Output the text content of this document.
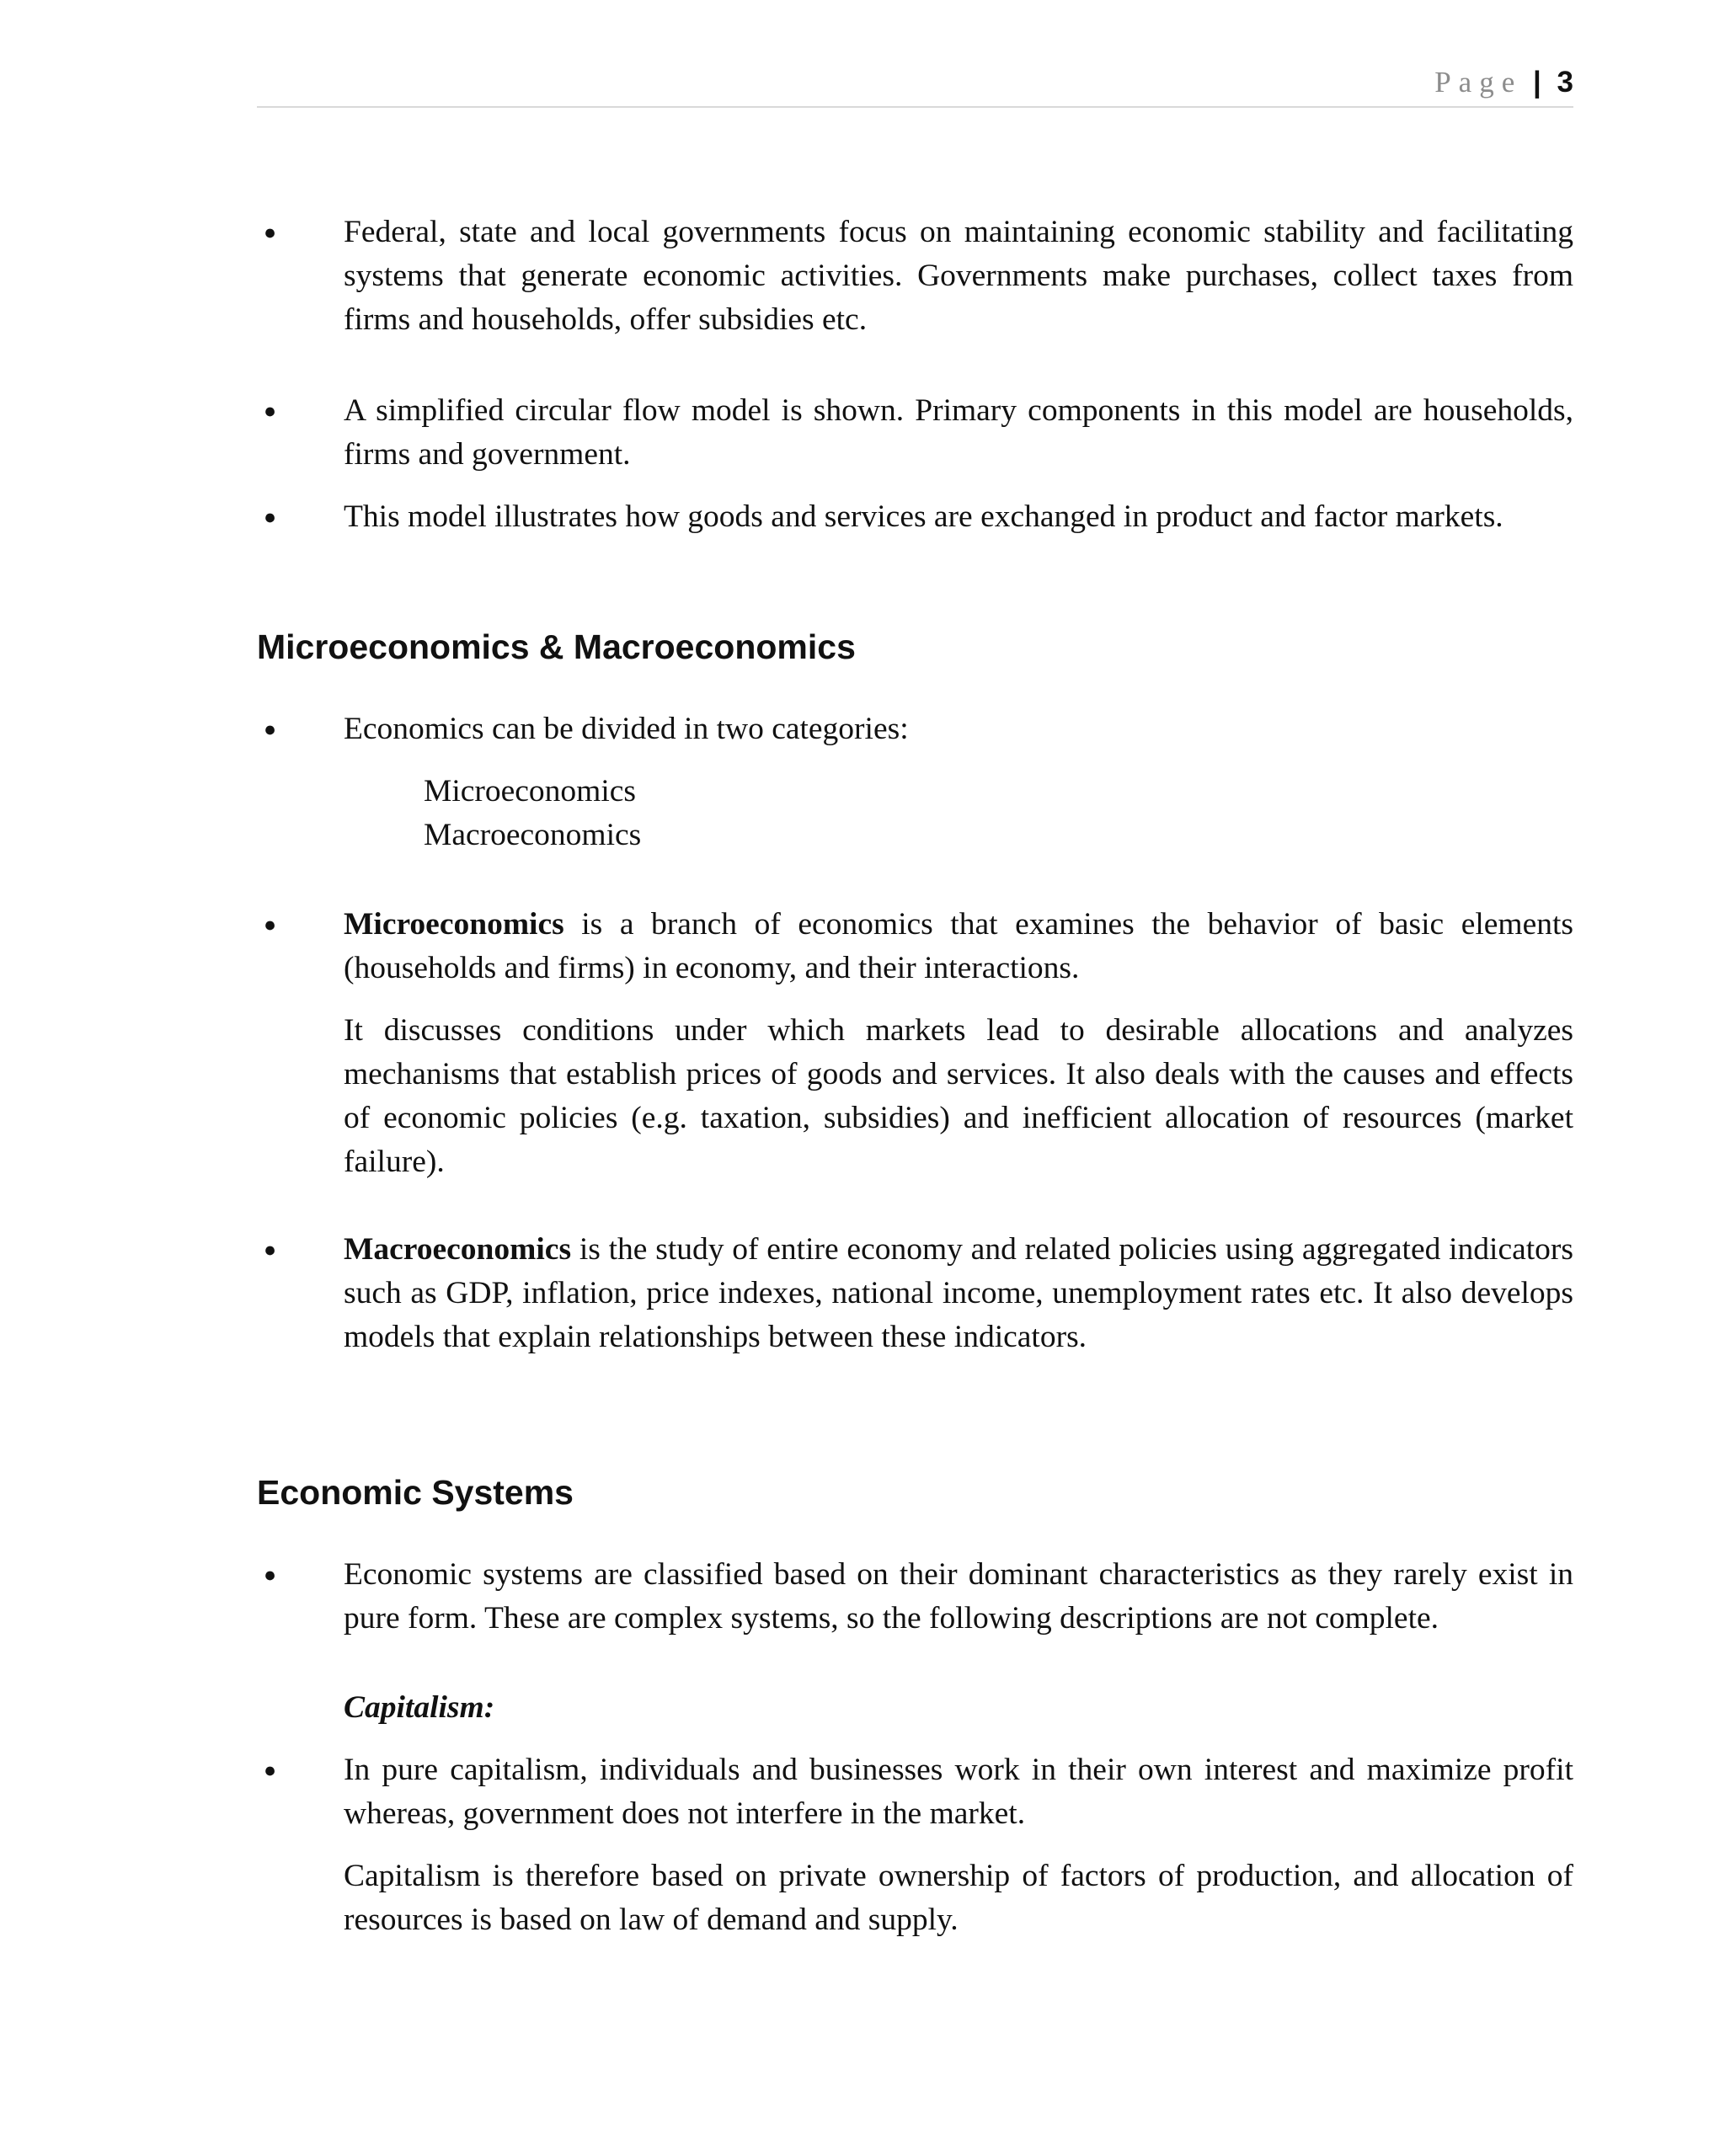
Page | 3
● Federal, state and local governments focus on maintaining economic stability and facilitating systems that generate economic activities. Governments make purchases, collect taxes from firms and households, offer subsidies etc.
● A simplified circular flow model is shown. Primary components in this model are households, firms and government.
● This model illustrates how goods and services are exchanged in product and factor markets.
Microeconomics & Macroeconomics
● Economics can be divided in two categories:
Microeconomics
Macroeconomics
● Microeconomics is a branch of economics that examines the behavior of basic elements (households and firms) in economy, and their interactions.
It discusses conditions under which markets lead to desirable allocations and analyzes mechanisms that establish prices of goods and services. It also deals with the causes and effects of economic policies (e.g. taxation, subsidies) and inefficient allocation of resources (market failure).
● Macroeconomics is the study of entire economy and related policies using aggregated indicators such as GDP, inflation, price indexes, national income, unemployment rates etc. It also develops models that explain relationships between these indicators.
Economic Systems
● Economic systems are classified based on their dominant characteristics as they rarely exist in pure form. These are complex systems, so the following descriptions are not complete.
Capitalism:
● In pure capitalism, individuals and businesses work in their own interest and maximize profit whereas, government does not interfere in the market.
Capitalism is therefore based on private ownership of factors of production, and allocation of resources is based on law of demand and supply.
